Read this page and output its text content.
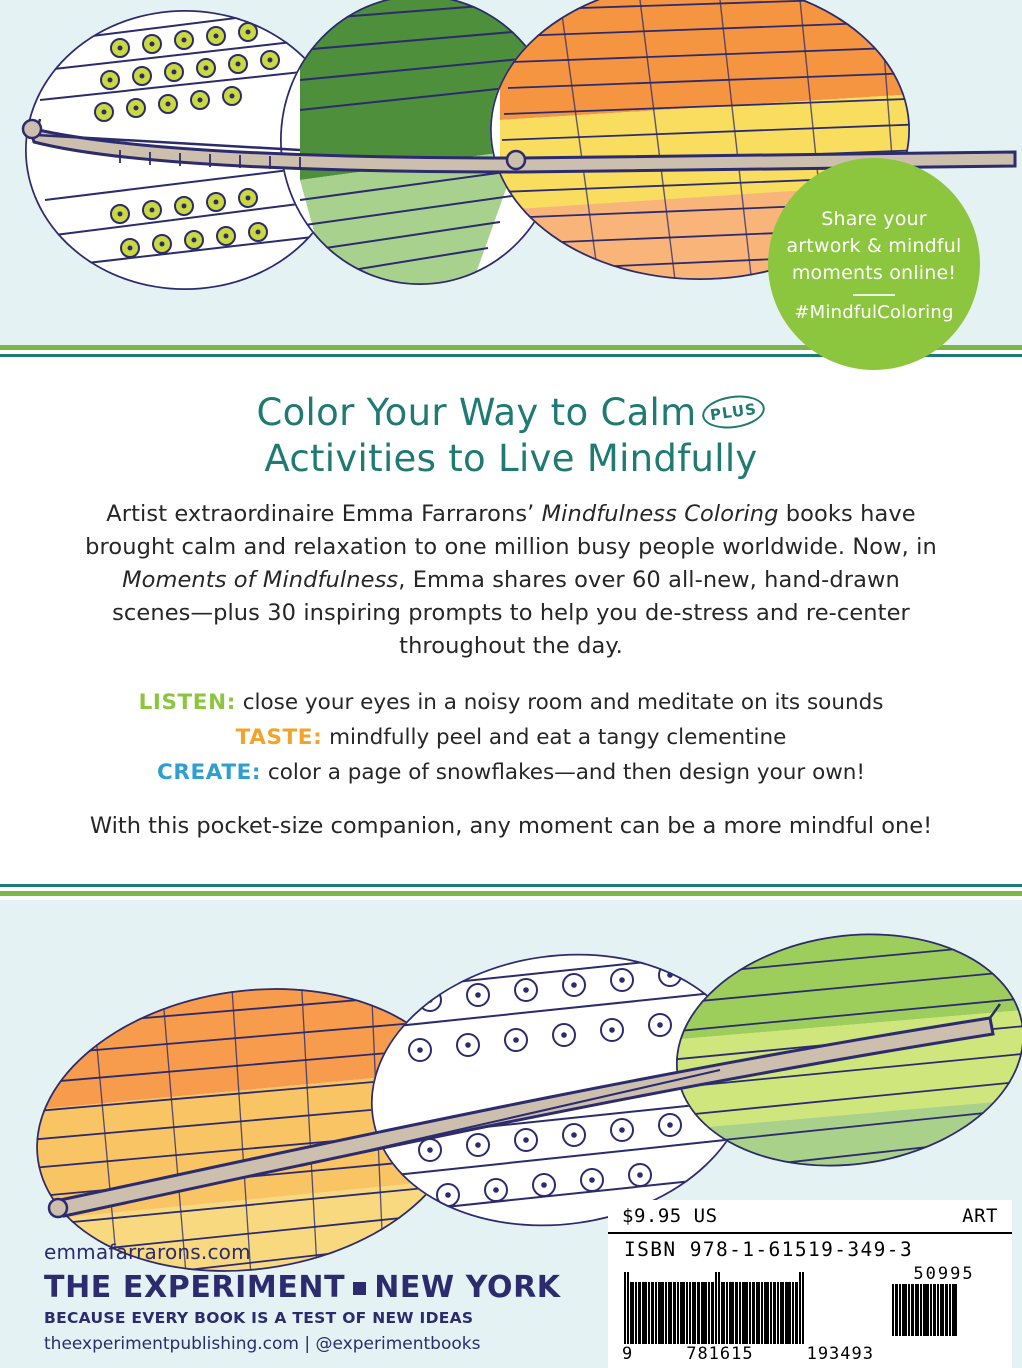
Share your
artwork & mindful
moments online!
#MindfulColoring
Color Your Way to Calm PLUS
Activities to Live Mindfully

Artist extraordinaire Emma Farrarons’ Mindfulness Coloring books have brought calm and relaxation to one million busy people worldwide. Now, in Moments of Mindfulness, Emma shares over 60 all-new, hand-drawn scenes—plus 30 inspiring prompts to help you de-stress and re-center throughout the day.

LISTEN: close your eyes in a noisy room and meditate on its sounds
TASTE: mindfully peel and eat a tangy clementine
CREATE: color a page of snowflakes—and then design your own!

With this pocket-size companion, any moment can be a more mindful one!

emmafarrarons.com
THE EXPERIMENT NEW YORK
BECAUSE EVERY BOOK IS A TEST OF NEW IDEAS
theexperimentpublishing.com | @experimentbooks
$9.95 US	ART
ISBN 978-1-61519-349-3
9	781615	193493
50995
